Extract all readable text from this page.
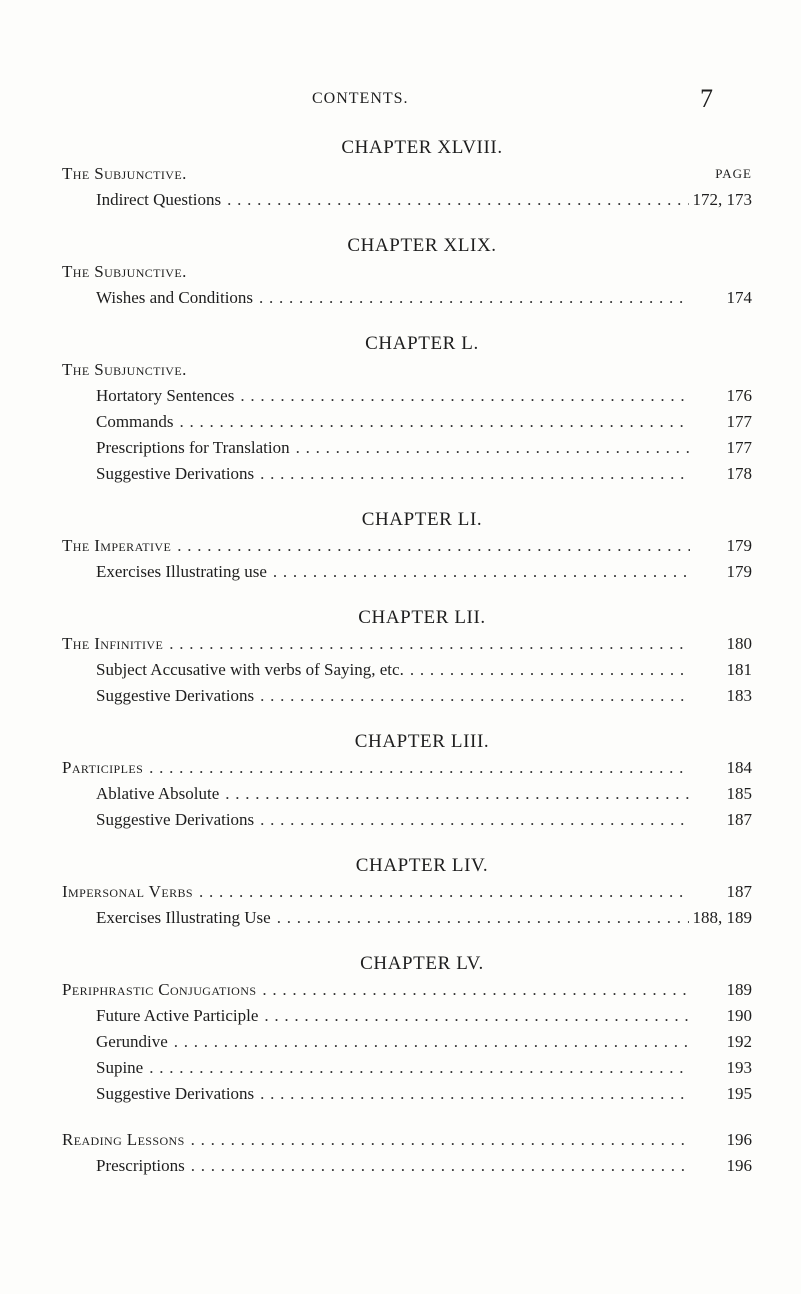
CONTENTS.	7
CHAPTER XLVIII.
The Subjunctive.	PAGE
Indirect Questions . . .	172, 173
CHAPTER XLIX.
The Subjunctive.
Wishes and Conditions . . .	174
CHAPTER L.
The Subjunctive.
Hortatory Sentences . . .	176
Commands . . .	177
Prescriptions for Translation . . .	177
Suggestive Derivations . . .	178
CHAPTER LI.
The Imperative . . .	179
Exercises Illustrating use . . .	179
CHAPTER LII.
The Infinitive . . .	180
Subject Accusative with verbs of Saying, etc. . . .	181
Suggestive Derivations . . .	183
CHAPTER LIII.
Participles . . .	184
Ablative Absolute . . .	185
Suggestive Derivations . . .	187
CHAPTER LIV.
Impersonal Verbs . . .	187
Exercises Illustrating Use . . .	188, 189
CHAPTER LV.
Periphrastic Conjugations . . .	189
Future Active Participle . . .	190
Gerundive . . .	192
Supine . . .	193
Suggestive Derivations . . .	195
Reading Lessons . . .	196
Prescriptions . . .	196
